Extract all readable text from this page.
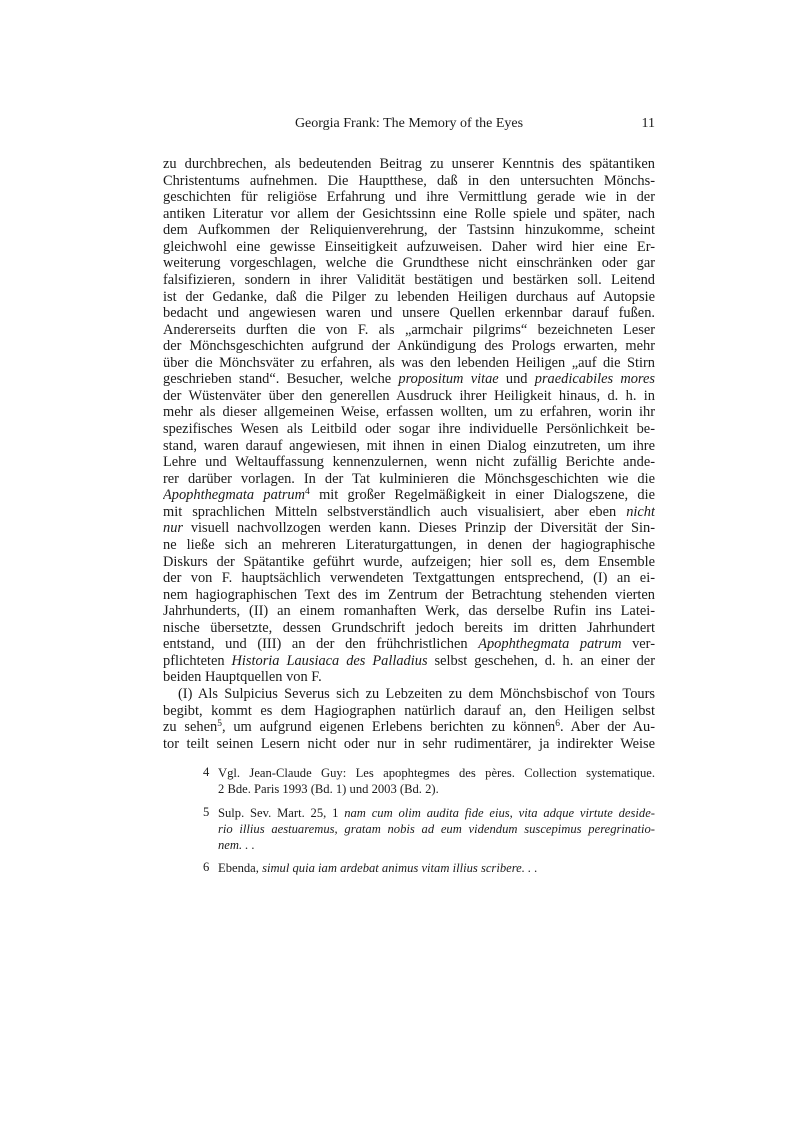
Georgia Frank: The Memory of the Eyes	11
zu durchbrechen, als bedeutenden Beitrag zu unserer Kenntnis des spätantiken
Christentums aufnehmen. Die Hauptthese, daß in den untersuchten Mönchs-
geschichten für religiöse Erfahrung und ihre Vermittlung gerade wie in der
antiken Literatur vor allem der Gesichtssinn eine Rolle spiele und später, nach
dem Aufkommen der Reliquienverehrung, der Tastsinn hinzukomme, scheint
gleichwohl eine gewisse Einseitigkeit aufzuweisen. Daher wird hier eine Er-
weiterung vorgeschlagen, welche die Grundthese nicht einschränken oder gar
falsifizieren, sondern in ihrer Validität bestätigen und bestärken soll. Leitend
ist der Gedanke, daß die Pilger zu lebenden Heiligen durchaus auf Autopsie
bedacht und angewiesen waren und unsere Quellen erkennbar darauf fußen.
Andererseits durften die von F. als „armchair pilgrims“ bezeichneten Leser
der Mönchsgeschichten aufgrund der Ankündigung des Prologs erwarten, mehr
über die Mönchsväter zu erfahren, als was den lebenden Heiligen „auf die Stirn
geschrieben stand“. Besucher, welche propositum vitae und praedicabiles mores
der Wüstenväter über den generellen Ausdruck ihrer Heiligkeit hinaus, d. h. in
mehr als dieser allgemeinen Weise, erfassen wollten, um zu erfahren, worin ihr
spezifisches Wesen als Leitbild oder sogar ihre individuelle Persönlichkeit be-
stand, waren darauf angewiesen, mit ihnen in einen Dialog einzutreten, um ihre
Lehre und Weltauffassung kennenzulernen, wenn nicht zufällig Berichte ande-
rer darüber vorlagen. In der Tat kulminieren die Mönchsgeschichten wie die
Apophthegmata patrum$^4$ mit großer Regelmäßigkeit in einer Dialogszene, die
mit sprachlichen Mitteln selbstverständlich auch visualisiert, aber eben nicht
nur visuell nachvollzogen werden kann. Dieses Prinzip der Diversität der Sin-
ne ließe sich an mehreren Literaturgattungen, in denen der hagiographische
Diskurs der Spätantike geführt wurde, aufzeigen; hier soll es, dem Ensemble
der von F. hauptsächlich verwendeten Textgattungen entsprechend, (I) an ei-
nem hagiographischen Text des im Zentrum der Betrachtung stehenden vierten
Jahrhunderts, (II) an einem romanhaften Werk, das derselbe Rufin ins Latei-
nische übersetzte, dessen Grundschrift jedoch bereits im dritten Jahrhundert
entstand, und (III) an der den frühchristlichen Apophthegmata patrum ver-
pflichteten Historia Lausiaca des Palladius selbst geschehen, d. h. an einer der
beiden Hauptquellen von F.
(I) Als Sulpicius Severus sich zu Lebzeiten zu dem Mönchsbischof von Tours
begibt, kommt es dem Hagiographen natürlich darauf an, den Heiligen selbst
zu sehen$^5$, um aufgrund eigenen Erlebens berichten zu können$^6$. Aber der Au-
tor teilt seinen Lesern nicht oder nur in sehr rudimentärer, ja indirekter Weise
4 Vgl. Jean-Claude Guy: Les apophtegmes des pères. Collection systematique.
2 Bde. Paris 1993 (Bd. 1) und 2003 (Bd. 2).
5 Sulp. Sev. Mart. 25, 1 nam cum olim audita fide eius, vita adque virtute deside-
rio illius aestuaremus, gratam nobis ad eum videndum suscepimus peregrinatio-
nem. . .
6 Ebenda, simul quia iam ardebat animus vitam illius scribere. . .
